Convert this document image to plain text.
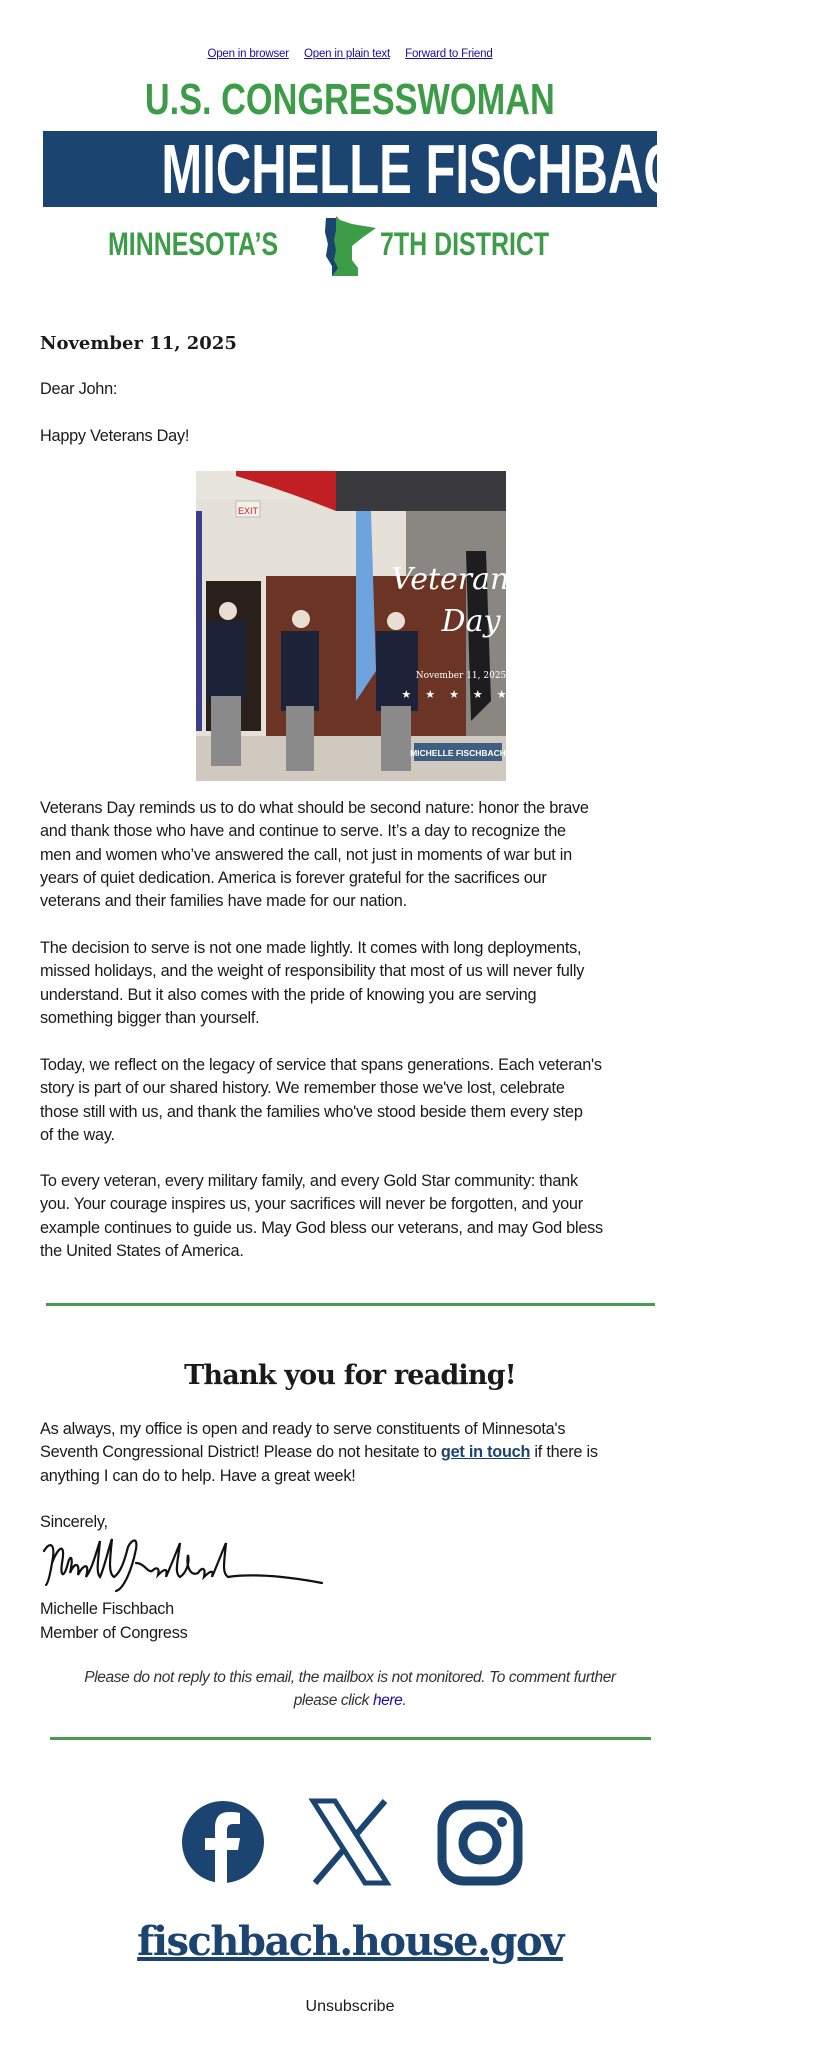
Open in browser Open in plain text Forward to Friend
U.S. CONGRESSWOMAN
MICHELLE FISCHBACH
MINNESOTA’S	7TH DISTRICT
November 11, 2025
Dear John:
Happy Veterans Day!
EXIT
Veterans
Day
November 11, 2025
★★★★★
MICHELLE FISCHBACH
Veterans Day reminds us to do what should be second nature: honor the brave
and thank those who have and continue to serve. It’s a day to recognize the
men and women who’ve answered the call, not just in moments of war but in
years of quiet dedication. America is forever grateful for the sacrifices our
veterans and their families have made for our nation.
The decision to serve is not one made lightly. It comes with long deployments,
missed holidays, and the weight of responsibility that most of us will never fully
understand. But it also comes with the pride of knowing you are serving
something bigger than yourself.
Today, we reflect on the legacy of service that spans generations. Each veteran's
story is part of our shared history. We remember those we've lost, celebrate
those still with us, and thank the families who've stood beside them every step
of the way.
To every veteran, every military family, and every Gold Star community: thank
you. Your courage inspires us, your sacrifices will never be forgotten, and your
example continues to guide us. May God bless our veterans, and may God bless
the United States of America.
Thank you for reading!
As always, my office is open and ready to serve constituents of Minnesota's
Seventh Congressional District! Please do not hesitate to get in touch if there is
anything I can do to help. Have a great week!
Sincerely,
Michelle Fischbach
Member of Congress
Please do not reply to this email, the mailbox is not monitored. To comment further
please click here.
fischbach.house.gov
Unsubscribe
